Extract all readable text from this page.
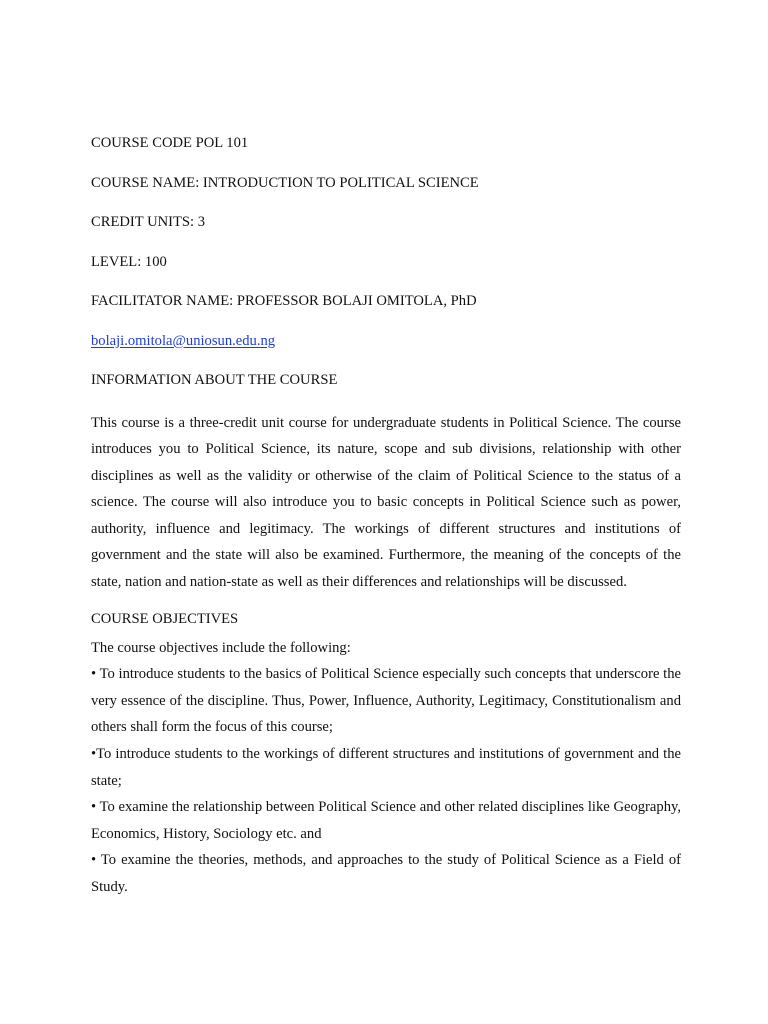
COURSE CODE POL 101

COURSE NAME: INTRODUCTION TO POLITICAL SCIENCE

CREDIT UNITS: 3

LEVEL: 100

FACILITATOR NAME: PROFESSOR BOLAJI OMITOLA, PhD

bolaji.omitola@uniosun.edu.ng

INFORMATION ABOUT THE COURSE

This course is a three-credit unit course for undergraduate students in Political Science. The course introduces you to Political Science, its nature, scope and sub divisions, relationship with other disciplines as well as the validity or otherwise of the claim of Political Science to the status of a science. The course will also introduce you to basic concepts in Political Science such as power, authority, influence and legitimacy. The workings of different structures and institutions of government and the state will also be examined. Furthermore, the meaning of the concepts of the state, nation and nation-state as well as their differences and relationships will be discussed.

COURSE OBJECTIVES

The course objectives include the following:

• To introduce students to the basics of Political Science especially such concepts that underscore the very essence of the discipline. Thus, Power, Influence, Authority, Legitimacy, Constitutionalism and others shall form the focus of this course;
•To introduce students to the workings of different structures and institutions of government and the state;
• To examine the relationship between Political Science and other related disciplines like Geography, Economics, History, Sociology etc. and
• To examine the theories, methods, and approaches to the study of Political Science as a Field of Study.
